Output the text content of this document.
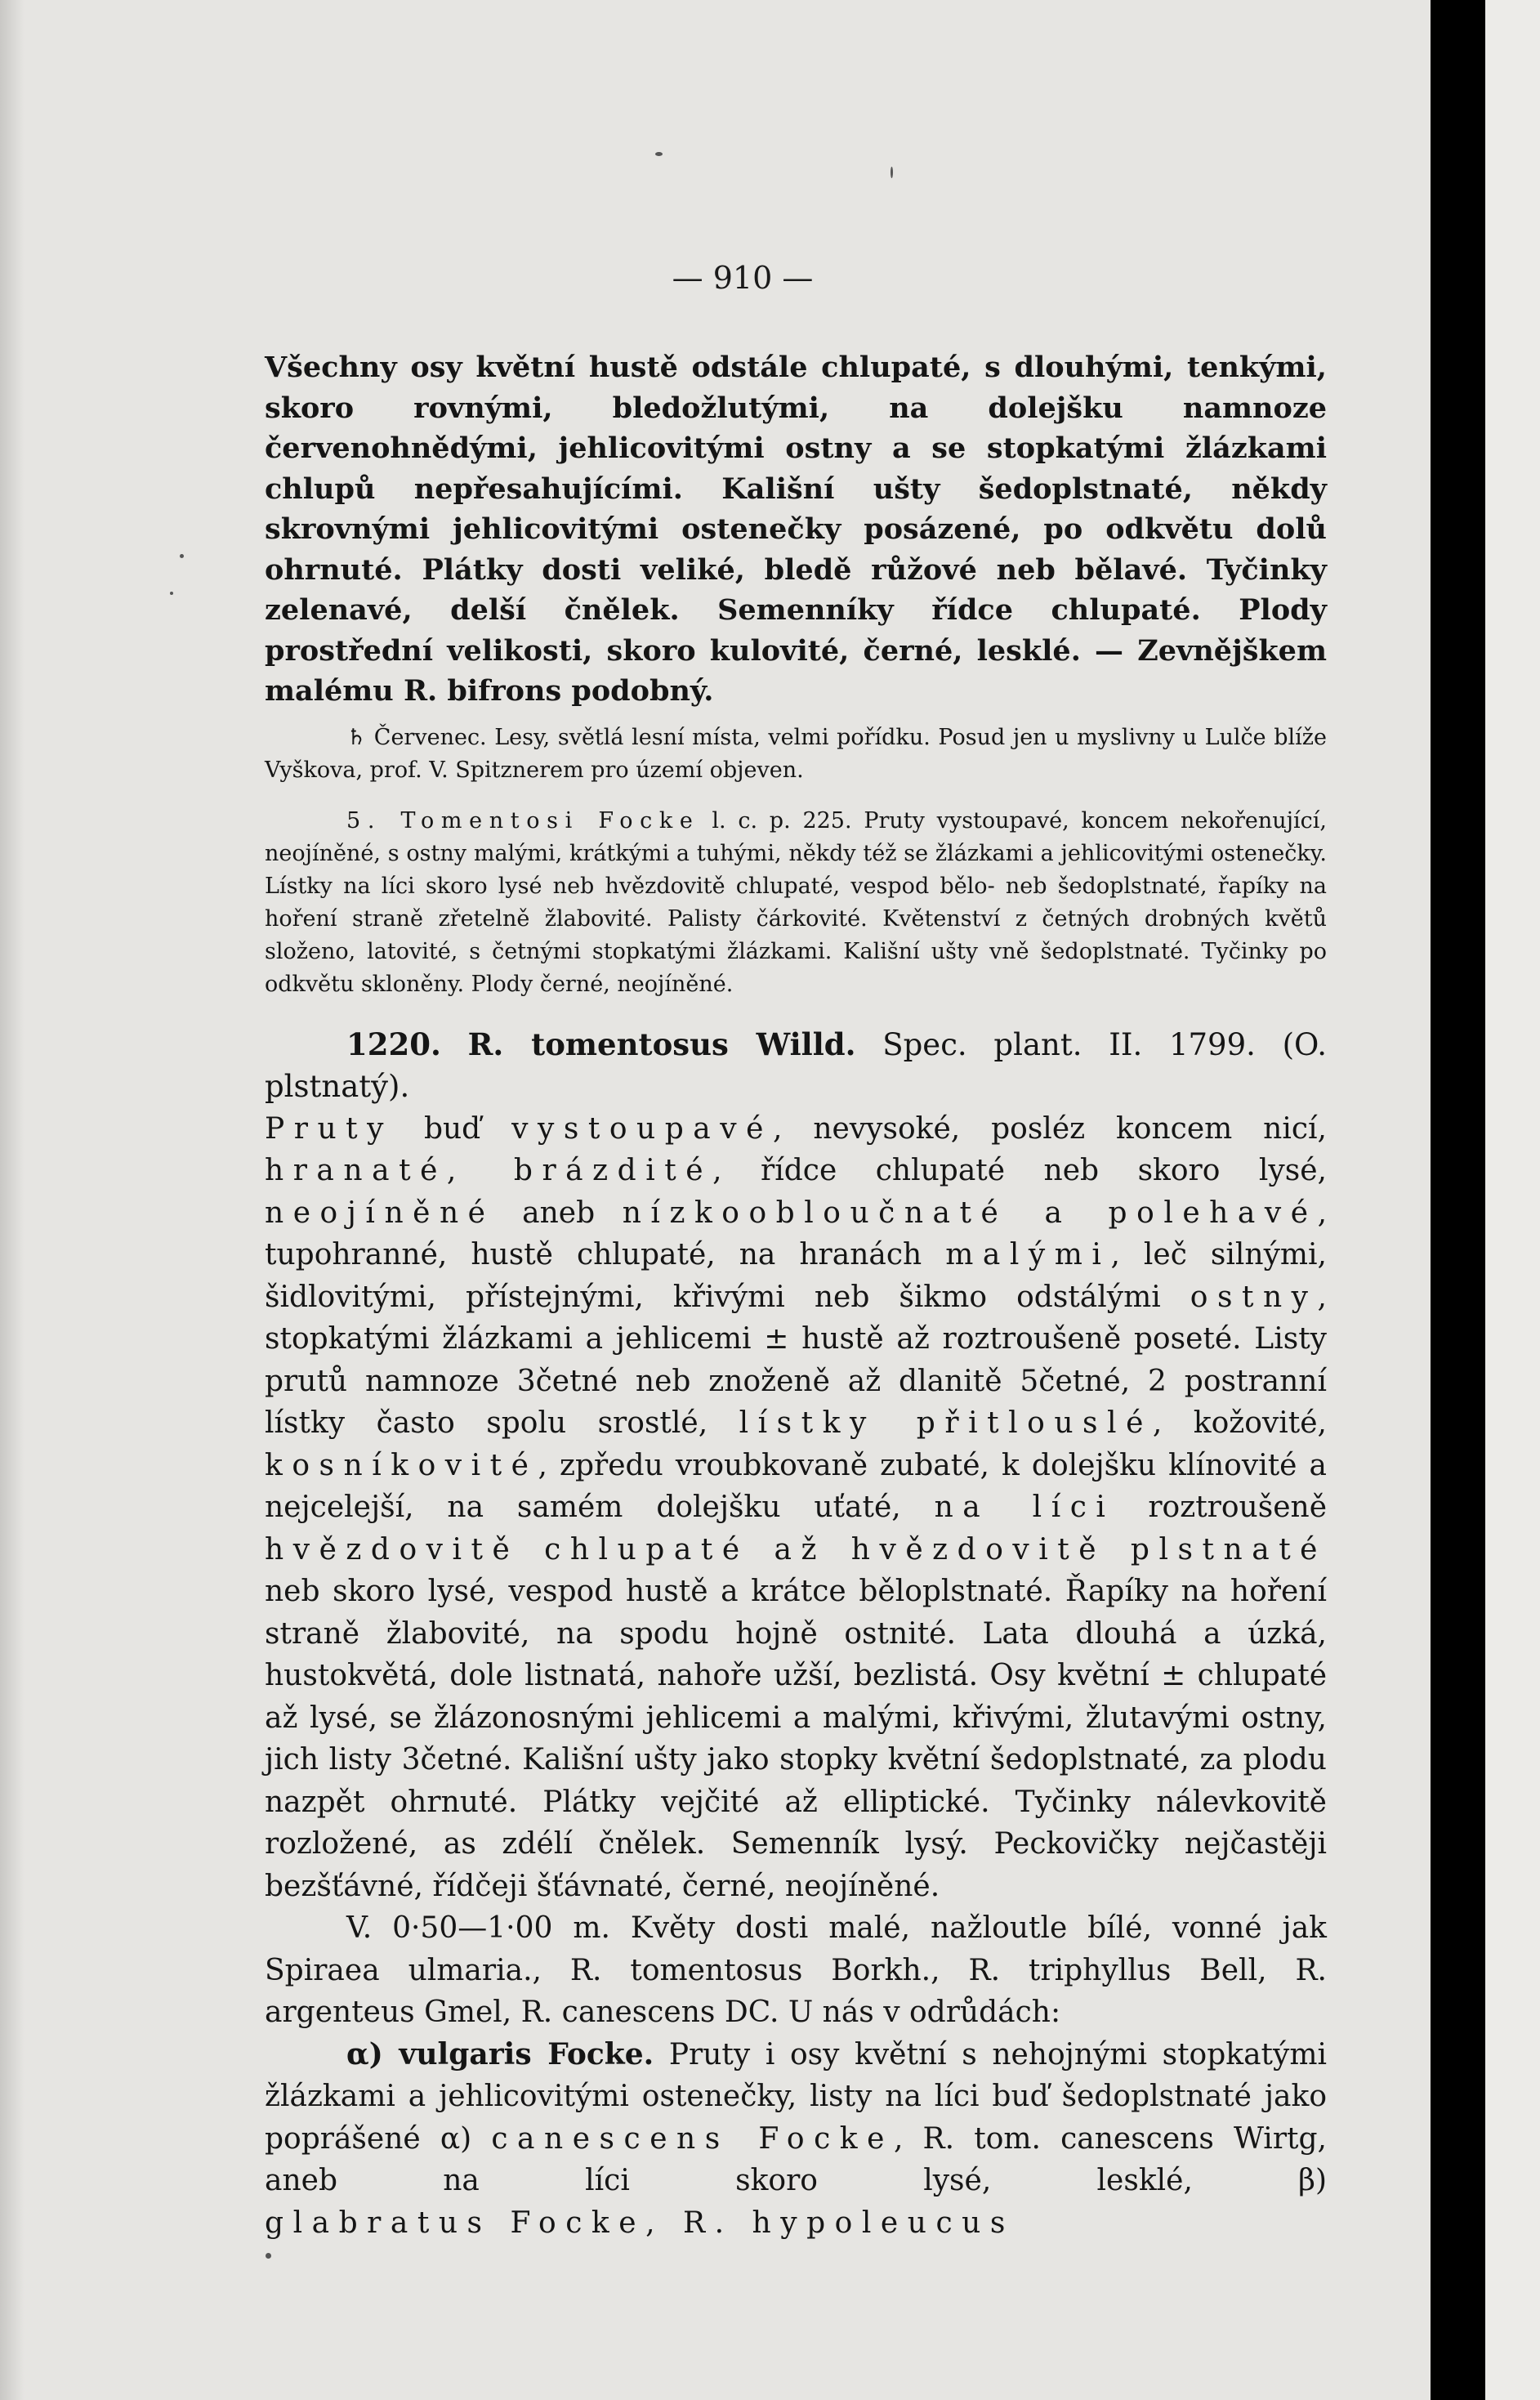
— 910 —

Všechny osy květní hustě odstále chlupaté, s dlouhými, tenkými, skoro rovnými, bledožlutými, na dolejšku namnoze červenohnědými, jehlicovitými ostny a se stopkatými žlázkami chlupů nepřesahujícími. Kališní ušty šedoplstnaté, někdy skrovnými jehlicovitými ostenečky posázené, po odkvětu dolů ohrnuté. Plátky dosti veliké, bledě růžové neb bělavé. Tyčinky zelenavé, delší čnělek. Semenníky řídce chlupaté. Plody prostřední velikosti, skoro kulovité, černé, lesklé. — Zevnějškem malému R. bifrons podobný.

♄ Červenec. Lesy, světlá lesní místa, velmi pořídku. Posud jen u myslivny u Lulče blíže Vyškova, prof. V. Spitznerem pro území objeven.

5. Tomentosi Focke l. c. p. 225. Pruty vystoupavé, koncem nekořenující, neojíněné, s ostny malými, krátkými a tuhými, někdy též se žlázkami a jehlicovitými ostenečky. Lístky na líci skoro lysé neb hvězdovitě chlupaté, vespod bělo- neb šedoplstnaté, řapíky na hoření straně zřetelně žlabovité. Palisty čárkovité. Květenství z četných drobných květů složeno, latovité, s četnými stopkatými žlázkami. Kališní ušty vně šedoplstnaté. Tyčinky po odkvětu skloněny. Plody černé, neojíněné.

1220. R. tomentosus Willd. Spec. plant. II. 1799. (O. plstnatý).

Pruty buď vystoupavé, nevysoké, posléz koncem nicí, hranaté, brázdité, řídce chlupaté neb skoro lysé, neojíněné aneb nízkoobloučnaté a polehavé, tupohranné, hustě chlupaté, na hranách malými, leč silnými, šidlovitými, přístejnými, křivými neb šikmo odstálými ostny, stopkatými žlázkami a jehlicemi ± hustě až roztroušeně poseté. Listy prutů namnoze 3četné neb znoženě až dlanitě 5četné, 2 postranní lístky často spolu srostlé, lístky přitlouslé, kožovité, kosníkovité, zpředu vroubkovaně zubaté, k dolejšku klínovité a nejcelejší, na samém dolejšku uťaté, na líci roztroušeně hvězdovitě chlupaté až hvězdovitě plstnaté neb skoro lysé, vespod hustě a krátce běloplstnaté. Řapíky na hoření straně žlabovité, na spodu hojně ostnité. Lata dlouhá a úzká, hustokvětá, dole listnatá, nahoře užší, bezlistá. Osy květní ± chlupaté až lysé, se žlázonosnými jehlicemi a malými, křivými, žlutavými ostny, jich listy 3četné. Kališní ušty jako stopky květní šedoplstnaté, za plodu nazpět ohrnuté. Plátky vejčité až elliptické. Tyčinky nálevkovitě rozložené, as zdélí čnělek. Semenník lysý. Peckovičky nejčastěji bezšťávné, řídčeji šťávnaté, černé, neojíněné.

V. 0·50—1·00 m. Květy dosti malé, nažloutle bílé, vonné jak Spiraea ulmaria., R. tomentosus Borkh., R. triphyllus Bell, R. argenteus Gmel, R. canescens DC. U nás v odrůdách:

α) vulgaris Focke. Pruty i osy květní s nehojnými stopkatými žlázkami a jehlicovitými ostenečky, listy na líci buď šedoplstnaté jako poprášené α) canescens Focke, R. tom. canescens Wirtg, aneb na líci skoro lysé, lesklé, β) glabratus Focke, R. hypoleucus
